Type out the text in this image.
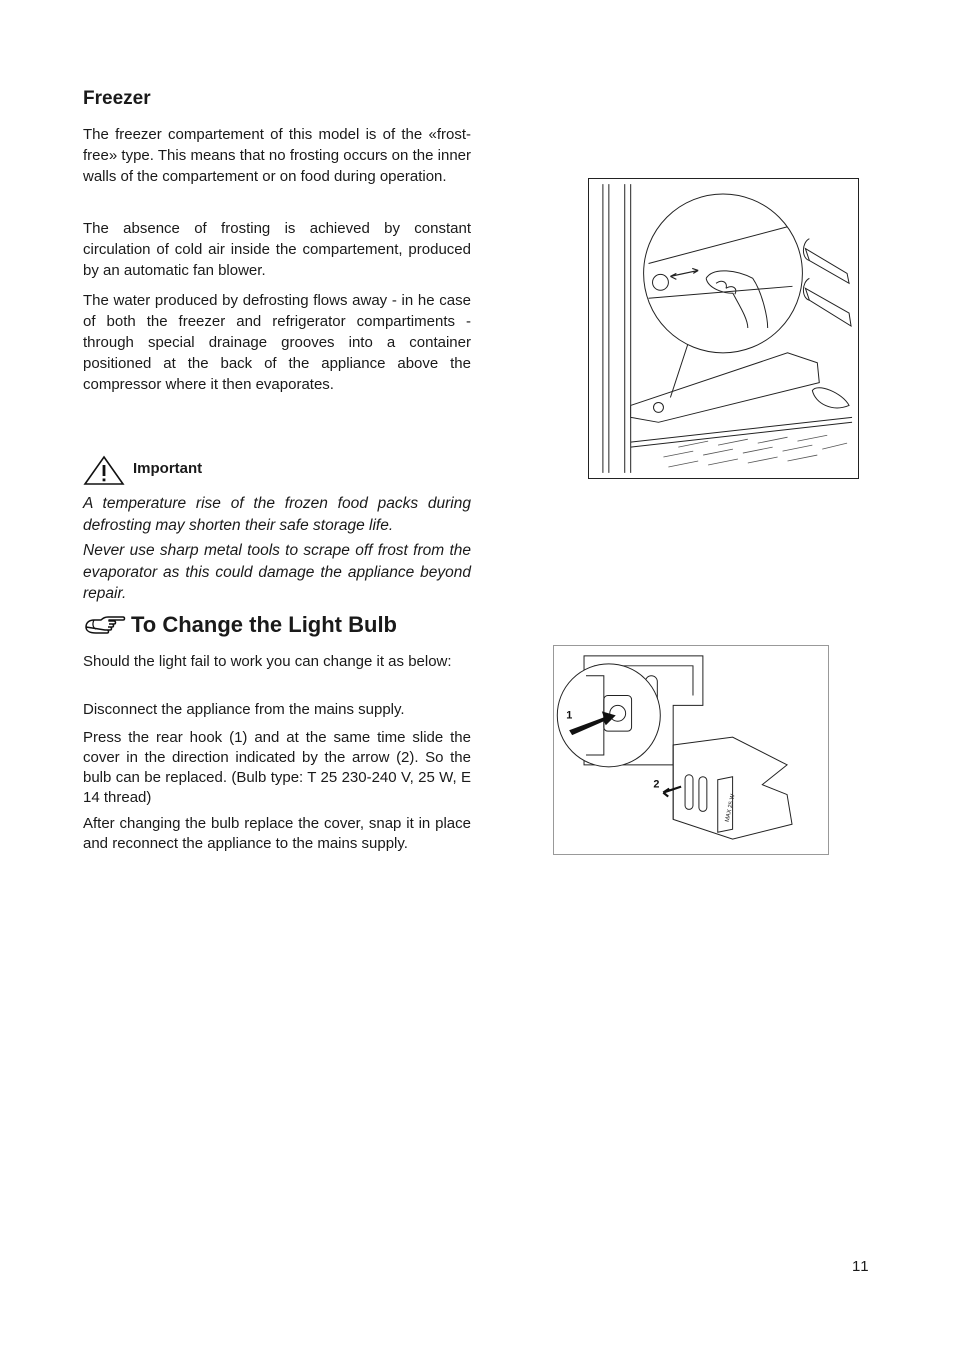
Freezer

The freezer compartement of this model is of the «frost-free» type. This means that no frosting occurs on the inner walls of the compartement or on food during operation.

The absence of frosting is achieved by constant circulation of cold air inside the compartement, produced by an automatic fan blower.

The water produced by defrosting flows away - in he case of both the freezer and refrigerator compartiments - through special drainage grooves into a container positioned at the back of the appliance above the compressor where it then evaporates.

Important

A temperature rise of the frozen food packs during defrosting may shorten their safe storage life.

Never use sharp metal tools to scrape off frost from the evaporator as this could damage the appliance beyond repair.

To Change the Light Bulb

Should the light fail to work you can change it as below:

Disconnect the appliance from the mains supply.

Press the rear hook (1) and at the same time slide the cover in the direction indicated by the arrow (2). So the bulb can be replaced. (Bulb type: T 25 230-240 V, 25 W, E 14 thread)

After changing the bulb replace the cover, snap it in place and reconnect the appliance to the mains supply.

1
2
MAX 25 W
11
